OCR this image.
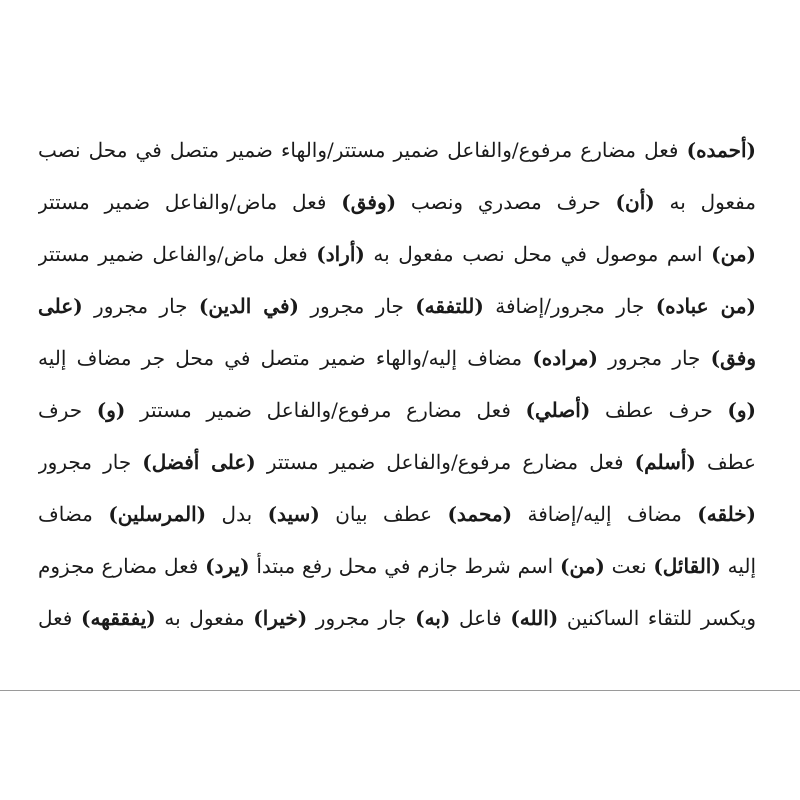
(أحمده) فعل مضارع مرفوع/والفاعل ضمير مستتر/والهاء ضمير متصل في محل نصب
مفعول به (أن) حرف مصدري ونصب (وفق) فعل ماض/والفاعل ضمير مستتر
(من) اسم موصول في محل نصب مفعول به (أراد) فعل ماض/والفاعل ضمير مستتر
(من عباده) جار مجرور/إضافة (للتفقه) جار مجرور (في الدين) جار مجرور (على
وفق) جار مجرور (مراده) مضاف إليه/والهاء ضمير متصل في محل جر مضاف إليه
(و) حرف عطف (أصلي) فعل مضارع مرفوع/والفاعل ضمير مستتر (و) حرف
عطف (أسلم) فعل مضارع مرفوع/والفاعل ضمير مستتر (على أفضل) جار مجرور
(خلقه) مضاف إليه/إضافة (محمد) عطف بيان (سيد) بدل (المرسلين) مضاف
إليه (القائل) نعت (من) اسم شرط جازم في محل رفع مبتدأ (يرد) فعل مضارع مجزوم
ويكسر للتقاء الساكنين (الله) فاعل (به) جار مجرور (خيرا) مفعول به (يفققهه) فعل
